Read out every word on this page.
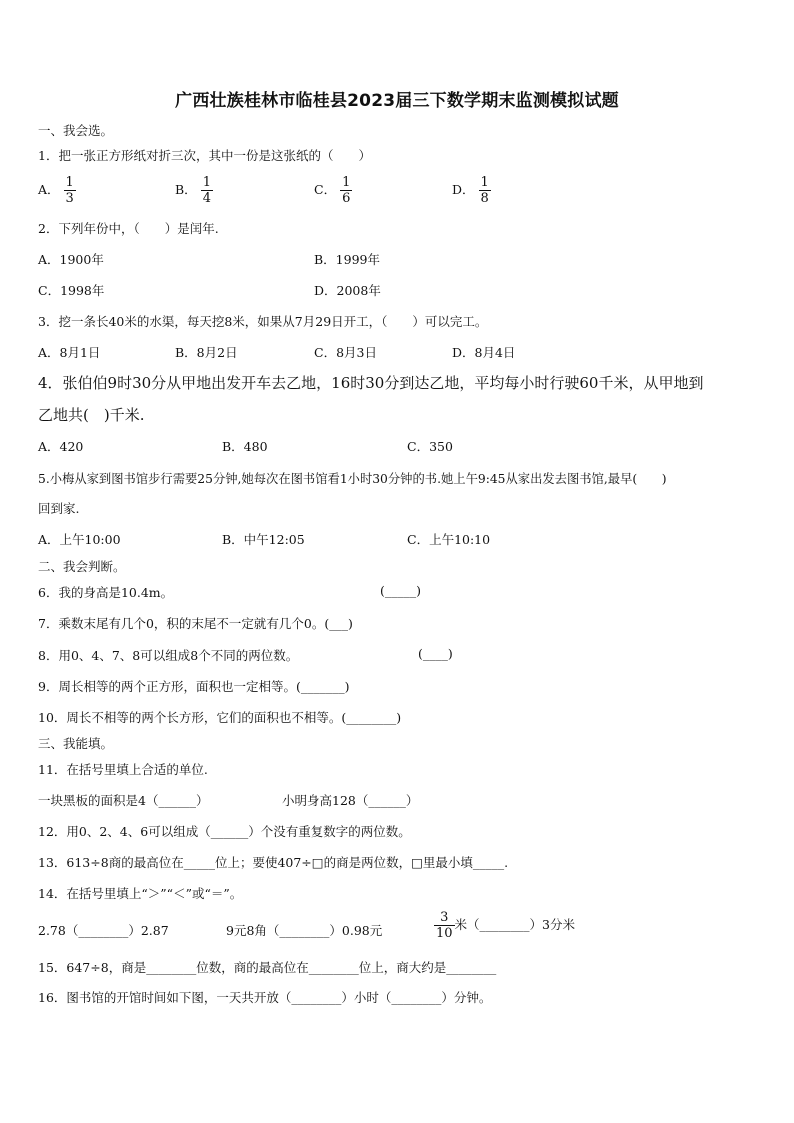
广西壮族桂林市临桂县2023届三下数学期末监测模拟试题
一、我会选。
1．把一张正方形纸对折三次，其中一份是这张纸的（　　）
A． $\frac{1}{3}$	B． $\frac{1}{4}$	C． $\frac{1}{6}$	D． $\frac{1}{8}$
2．下列年份中，（　　）是闰年.
A．1900年	B．1999年
C．1998年	D．2008年
3．挖一条长40米的水渠，每天挖8米，如果从7月29日开工，（　　）可以完工。
A．8月1日	B．8月2日	C．8月3日	D．8月4日
4．张伯伯9时30分从甲地出发开车去乙地，16时30分到达乙地，平均每小时行驶60千米，从甲地到
乙地共(　)千米.
A．420	B．480	C．350
5.小梅从家到图书馆步行需要25分钟,她每次在图书馆看1小时30分钟的书.她上午9:45从家出发去图书馆,最早(　　)
回到家.
A．上午10:00	B．中午12:05	C．上午10:10
二、我会判断。
6．我的身高是10.4m。	(_____)
7．乘数末尾有几个0，积的末尾不一定就有几个0。(___)
8．用0、4、7、8可以组成8个不同的两位数。	(____)
9．周长相等的两个正方形，面积也一定相等。(_______)
10．周长不相等的两个长方形，它们的面积也不相等。(________)
三、我能填。
11．在括号里填上合适的单位.
一块黑板的面积是4（______）	小明身高128（______）
12．用0、2、4、6可以组成（______）个没有重复数字的两位数。
13．613÷8商的最高位在_____位上；要使407÷□的商是两位数，□里最小填_____.
14．在括号里填上“＞”“＜”或“＝”。
2.78（________）2.87	9元8角（________）0.98元	$\frac{3}{10}$ 米（________）3分米
15．647÷8，商是________位数，商的最高位在________位上，商大约是________
16．图书馆的开馆时间如下图，一天共开放（________）小时（________）分钟。
